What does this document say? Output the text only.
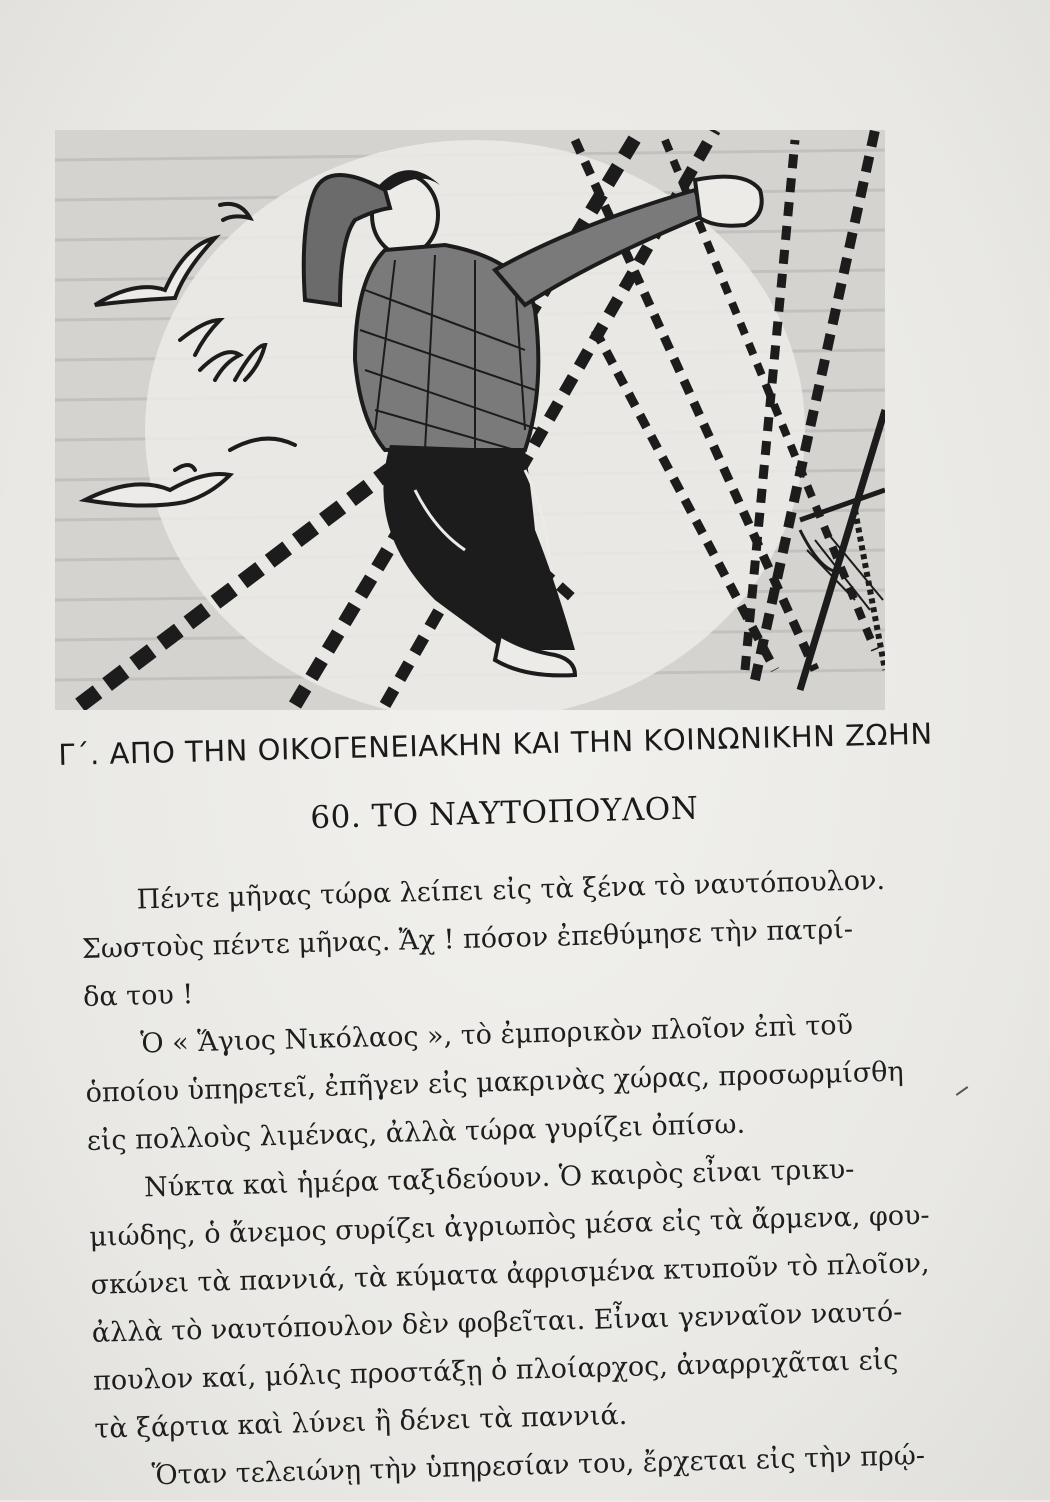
Γ΄. ΑΠΟ ΤΗΝ ΟΙΚΟΓΕΝΕΙΑΚΗΝ ΚΑΙ ΤΗΝ ΚΟΙΝΩΝΙΚΗΝ ΖΩΗΝ
60. ΤΟ ΝΑΥΤΟΠΟΥΛΟΝ
Πέντε μῆνας τώρα λείπει εἰς τὰ ξένα τὸ ναυτόπουλον.
Σωστοὺς πέντε μῆνας. Ἄχ ! πόσον ἐπεθύμησε τὴν πατρί-
δα του !
Ὁ « Ἅγιος Νικόλαος », τὸ ἐμπορικὸν πλοῖον ἐπὶ τοῦ
ὁποίου ὑπηρετεῖ, ἐπῆγεν εἰς μακρινὰς χώρας, προσωρμίσθη
εἰς πολλοὺς λιμένας, ἀλλὰ τώρα γυρίζει ὀπίσω.
Νύκτα καὶ ἡμέρα ταξιδεύουν. Ὁ καιρὸς εἶναι τρικυ-
μιώδης, ὁ ἄνεμος συρίζει ἀγριωπὸς μέσα εἰς τὰ ἄρμενα, φου-
σκώνει τὰ παννιά, τὰ κύματα ἀφρισμένα κτυποῦν τὸ πλοῖον,
ἀλλὰ τὸ ναυτόπουλον δὲν φοβεῖται. Εἶναι γενναῖον ναυτό-
πουλον καί, μόλις προστάξῃ ὁ πλοίαρχος, ἀναρριχᾶται εἰς
τὰ ξάρτια καὶ λύνει ἢ δένει τὰ παννιά.
Ὅταν τελειώνῃ τὴν ὑπηρεσίαν του, ἔρχεται εἰς τὴν πρῴ-
